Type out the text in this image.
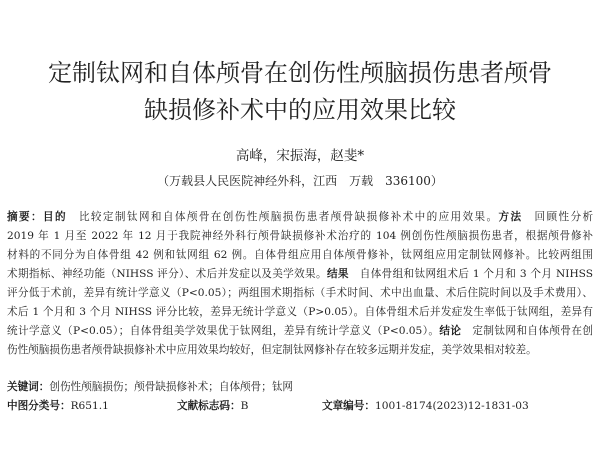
定制钛网和自体颅骨在创伤性颅脑损伤患者颅骨
缺损修补术中的应用效果比较
高峰，宋振海，赵斐*
（万载县人民医院神经外科，江西　万载　336100）
摘要：目的　比较定制钛网和自体颅骨在创伤性颅脑损伤患者颅骨缺损修补术中的应用效果。方法　回顾性分析
2019 年 1 月至 2022 年 12 月于我院神经外科行颅骨缺损修补术治疗的 104 例创伤性颅脑损伤患者，根据颅骨修补
材料的不同分为自体骨组 42 例和钛网组 62 例。自体骨组应用自体颅骨修补，钛网组应用定制钛网修补。比较两组围
术期指标、神经功能（NIHSS 评分）、术后并发症以及美学效果。结果　自体骨组和钛网组术后 1 个月和 3 个月 NIHSS
评分低于术前，差异有统计学意义（P<0.05）；两组围术期指标（手术时间、术中出血量、术后住院时间以及手术费用）、
术后 1 个月和 3 个月 NIHSS 评分比较，差异无统计学意义（P>0.05）。自体骨组术后并发症发生率低于钛网组，差异有
统计学意义（P<0.05）；自体骨组美学效果优于钛网组，差异有统计学意义（P<0.05）。结论　定制钛网和自体颅骨在创
伤性颅脑损伤患者颅骨缺损修补术中应用效果均较好，但定制钛网修补存在较多远期并发症，美学效果相对较差。
关键词：创伤性颅脑损伤；颅骨缺损修补术；自体颅骨；钛网
中图分类号：R651.1	文献标志码：B	文章编号：1001-8174(2023)12-1831-03
